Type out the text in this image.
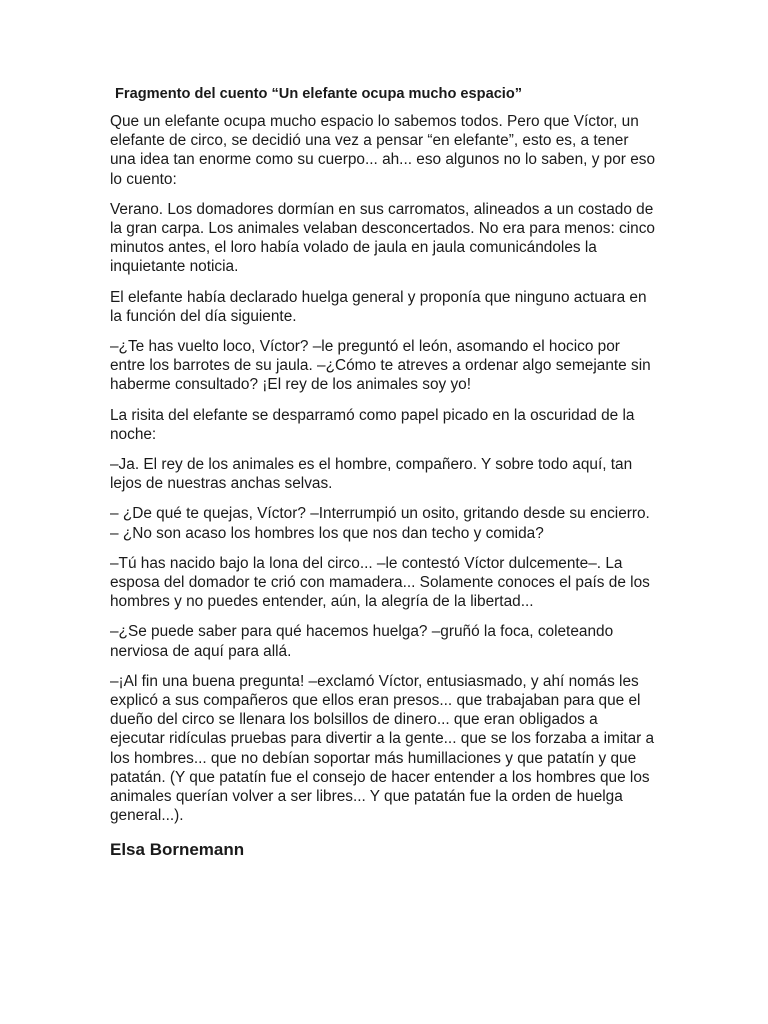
Fragmento del cuento “Un elefante ocupa mucho espacio”
Que un elefante ocupa mucho espacio lo sabemos todos. Pero que Víctor, un
elefante de circo, se decidió una vez a pensar “en elefante”, esto es, a tener
una idea tan enorme como su cuerpo... ah... eso algunos no lo saben, y por eso
lo cuento:
Verano. Los domadores dormían en sus carromatos, alineados a un costado de
la gran carpa. Los animales velaban desconcertados. No era para menos: cinco
minutos antes, el loro había volado de jaula en jaula comunicándoles la
inquietante noticia.
El elefante había declarado huelga general y proponía que ninguno actuara en
la función del día siguiente.
–¿Te has vuelto loco, Víctor? –le preguntó el león, asomando el hocico por
entre los barrotes de su jaula. –¿Cómo te atreves a ordenar algo semejante sin
haberme consultado? ¡El rey de los animales soy yo!
La risita del elefante se desparramó como papel picado en la oscuridad de la
noche:
–Ja. El rey de los animales es el hombre, compañero. Y sobre todo aquí, tan
lejos de nuestras anchas selvas.
– ¿De qué te quejas, Víctor? –Interrumpió un osito, gritando desde su encierro.
– ¿No son acaso los hombres los que nos dan techo y comida?
–Tú has nacido bajo la lona del circo... –le contestó Víctor dulcemente–. La
esposa del domador te crió con mamadera... Solamente conoces el país de los
hombres y no puedes entender, aún, la alegría de la libertad...
–¿Se puede saber para qué hacemos huelga? –gruñó la foca, coleteando
nerviosa de aquí para allá.
–¡Al fin una buena pregunta! –exclamó Víctor, entusiasmado, y ahí nomás les
explicó a sus compañeros que ellos eran presos... que trabajaban para que el
dueño del circo se llenara los bolsillos de dinero... que eran obligados a
ejecutar ridículas pruebas para divertir a la gente... que se los forzaba a imitar a
los hombres... que no debían soportar más humillaciones y que patatín y que
patatán. (Y que patatín fue el consejo de hacer entender a los hombres que los
animales querían volver a ser libres... Y que patatán fue la orden de huelga
general...).
Elsa Bornemann
